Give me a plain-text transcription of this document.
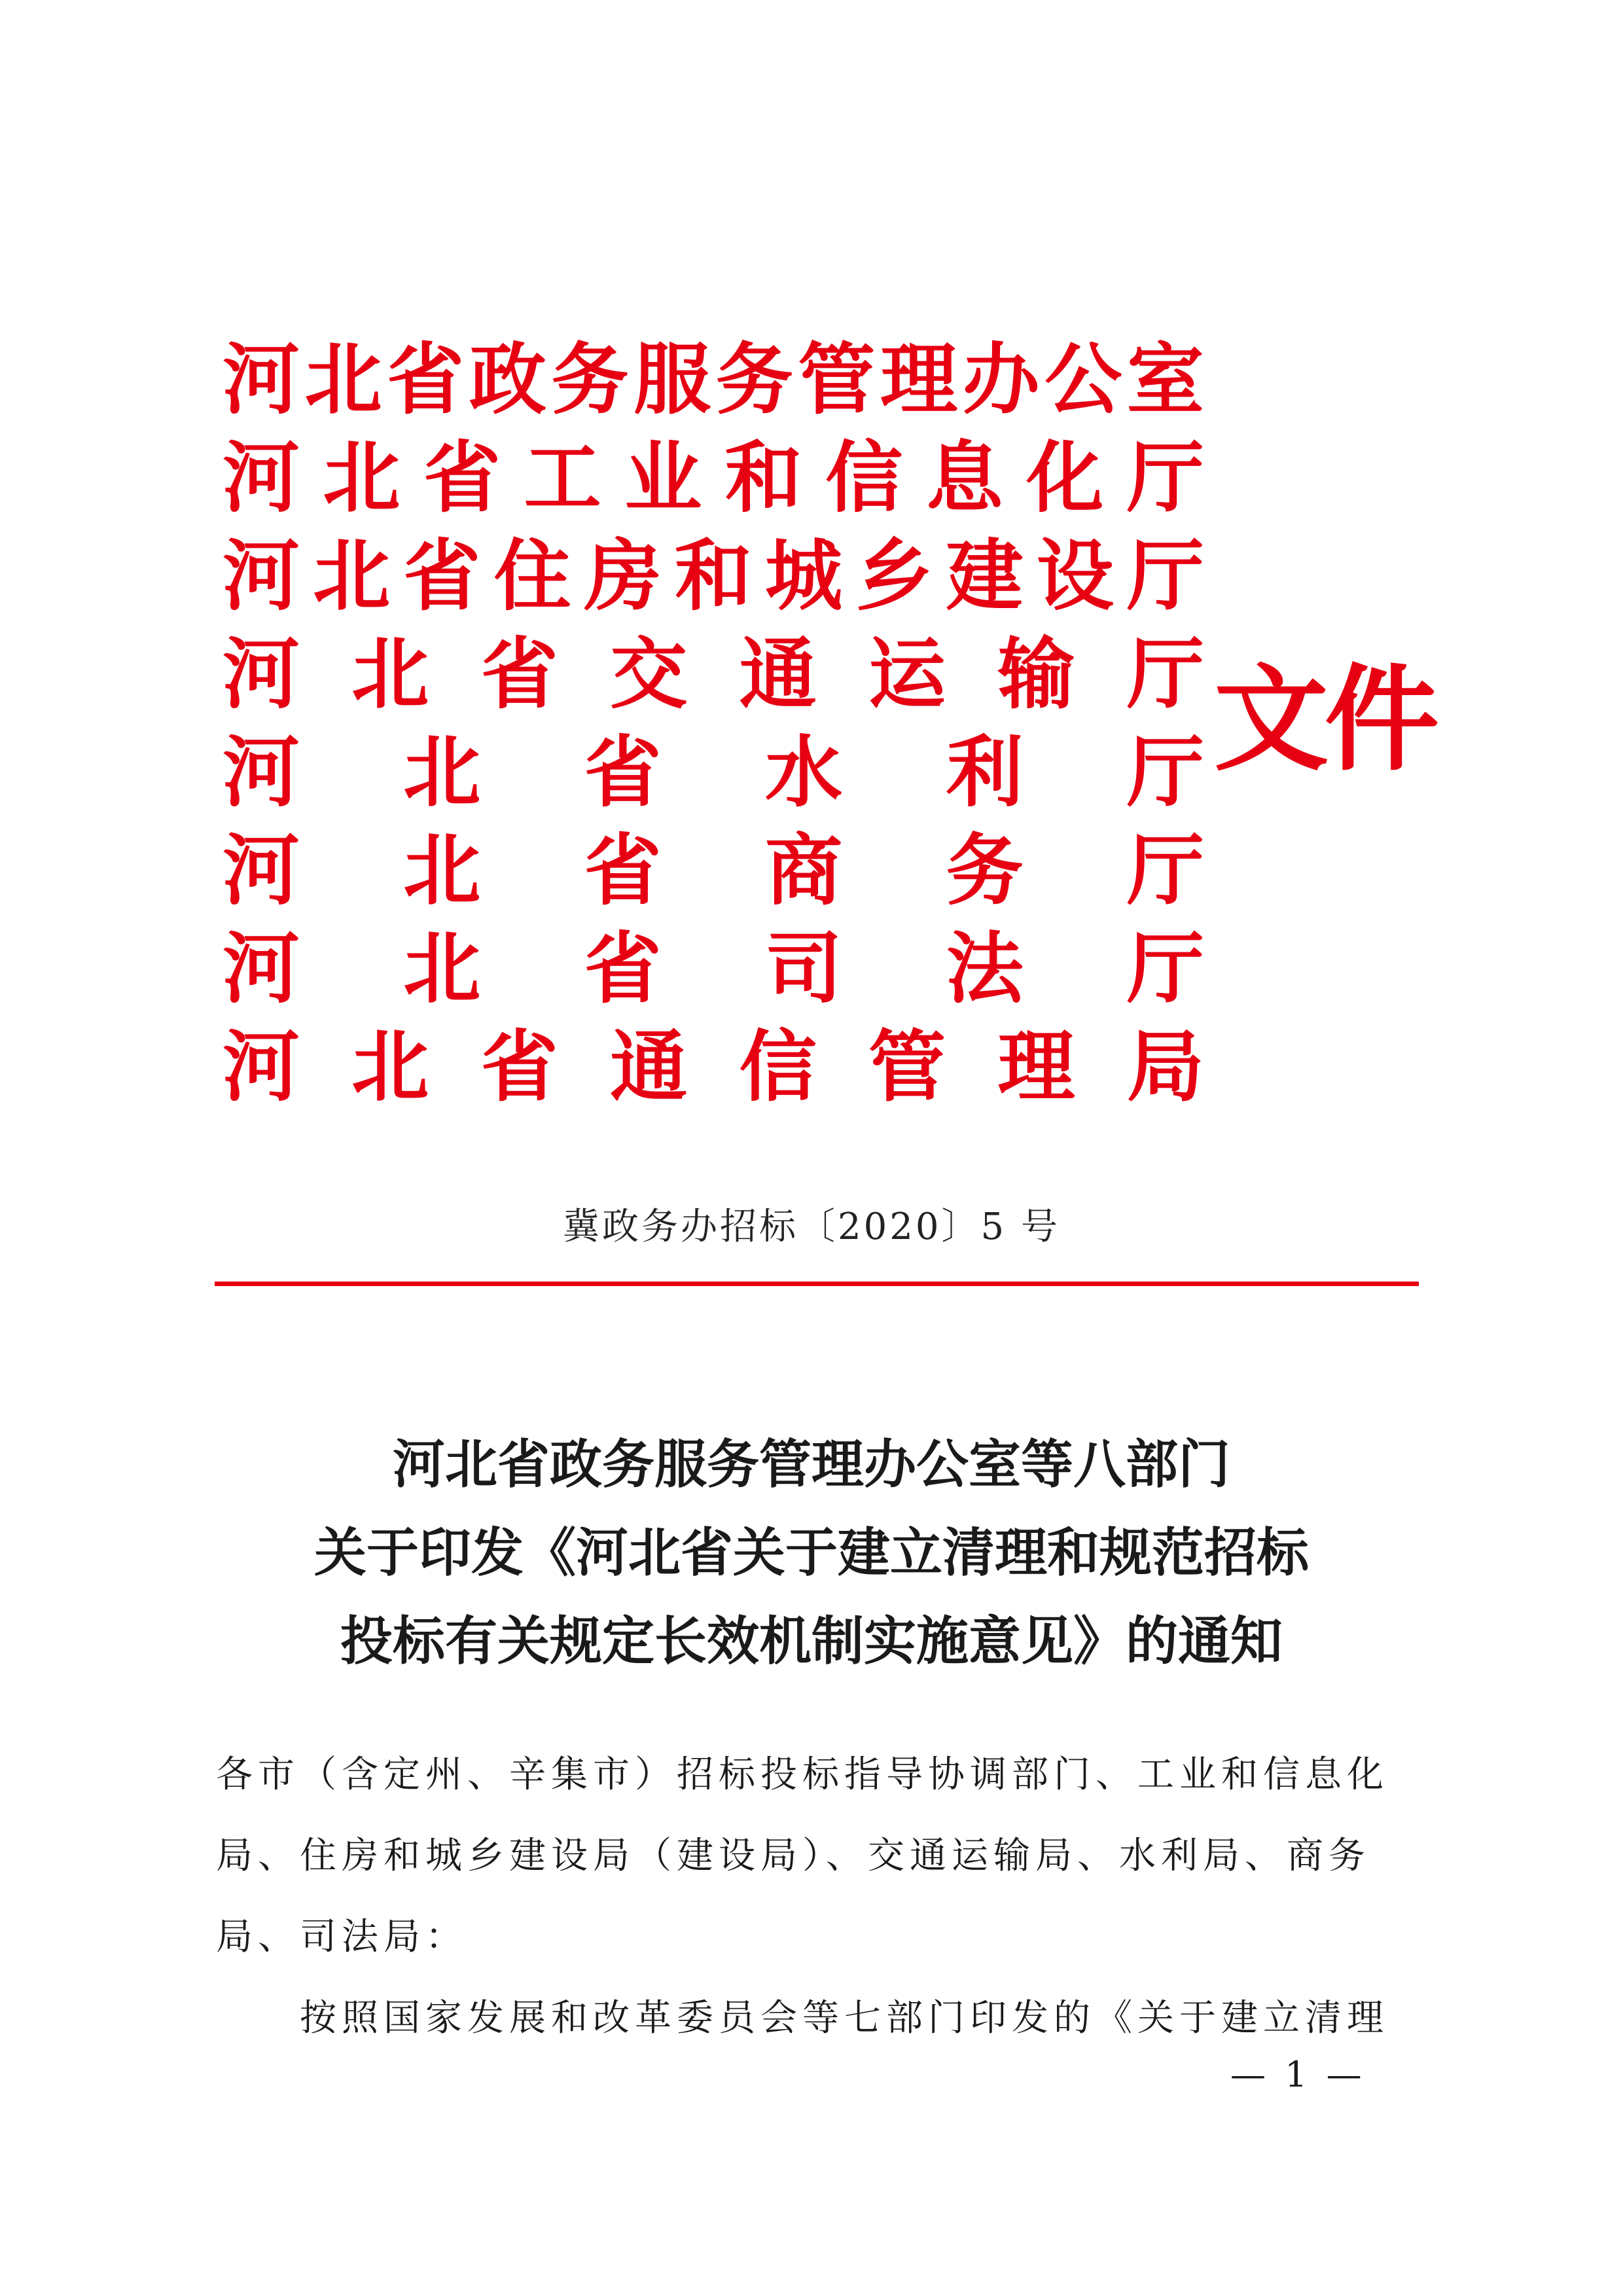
河 北 省 政 务 服 务 管 理 办 公 室
河 北 省 工 业 和 信 息 化 厅
河 北 省 住 房 和 城 乡 建 设 厅
河 北 省 交 通 运 输 厅
河 北 省 水 利 厅
河 北 省 商 务 厅
河 北 省 司 法 厅
河 北 省 通 信 管 理 局
文件
冀政务办招标〔2020〕5 号
河北省政务服务管理办公室等八部门
关于印发《河北省关于建立清理和规范招标
投标有关规定长效机制实施意见》的通知
各市（含定州、辛集市）招标投标指导协调部门、工业和信息化
局、住房和城乡建设局（建设局）、交通运输局、水利局、商务
局、司法局：
　　按照国家发展和改革委员会等七部门印发的《关于建立清理
— 1 —
